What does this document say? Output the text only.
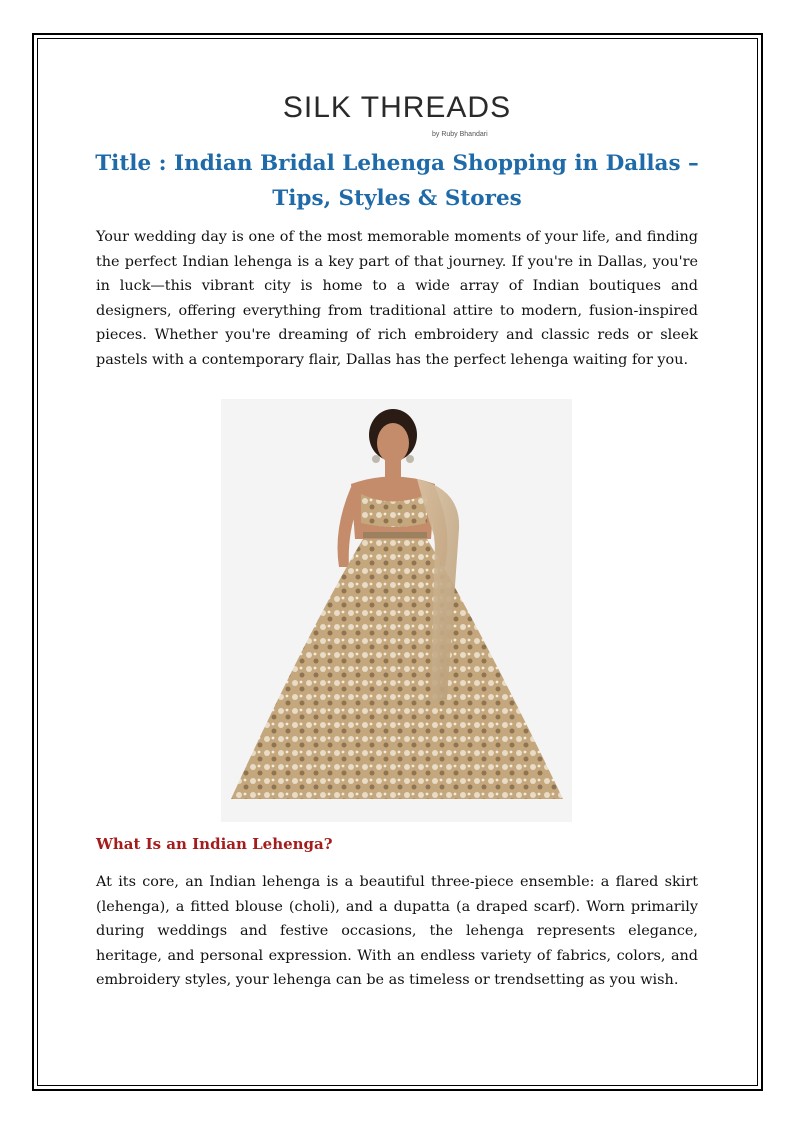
SILK THREADS
by Ruby Bhandari
Title : Indian Bridal Lehenga Shopping in Dallas – Tips, Styles & Stores

Your wedding day is one of the most memorable moments of your life, and finding the perfect Indian lehenga is a key part of that journey. If you're in Dallas, you're in luck—this vibrant city is home to a wide array of Indian boutiques and designers, offering everything from traditional attire to modern, fusion-inspired pieces. Whether you're dreaming of rich embroidery and classic reds or sleek pastels with a contemporary flair, Dallas has the perfect lehenga waiting for you.

What Is an Indian Lehenga?

At its core, an Indian lehenga is a beautiful three-piece ensemble: a flared skirt (lehenga), a fitted blouse (choli), and a dupatta (a draped scarf). Worn primarily during weddings and festive occasions, the lehenga represents elegance, heritage, and personal expression. With an endless variety of fabrics, colors, and embroidery styles, your lehenga can be as timeless or trendsetting as you wish.
